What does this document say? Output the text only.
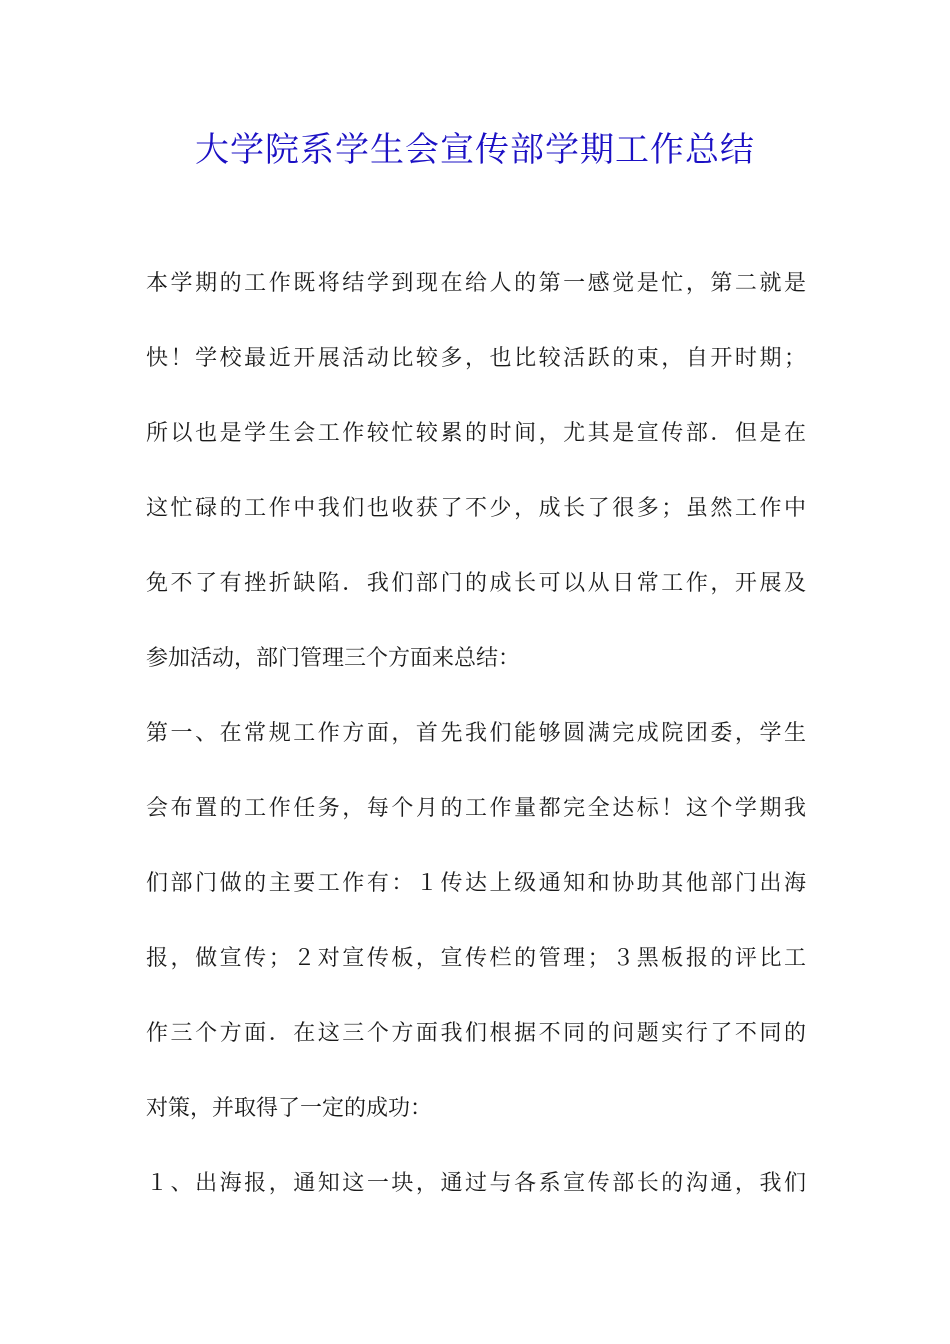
大学院系学生会宣传部学期工作总结
本学期的工作既将结学到现在给人的第一感觉是忙，第二就是
快！学校最近开展活动比较多，也比较活跃的束，自开时期；
所以也是学生会工作较忙较累的时间，尤其是宣传部．但是在
这忙碌的工作中我们也收获了不少，成长了很多；虽然工作中
免不了有挫折缺陷．我们部门的成长可以从日常工作，开展及
参加活动，部门管理三个方面来总结：
第一、在常规工作方面，首先我们能够圆满完成院团委，学生
会布置的工作任务，每个月的工作量都完全达标！这个学期我
们部门做的主要工作有：１传达上级通知和协助其他部门出海
报，做宣传；２对宣传板，宣传栏的管理；３黑板报的评比工
作三个方面．在这三个方面我们根据不同的问题实行了不同的
对策，并取得了一定的成功：
１、出海报，通知这一块，通过与各系宣传部长的沟通，我们
